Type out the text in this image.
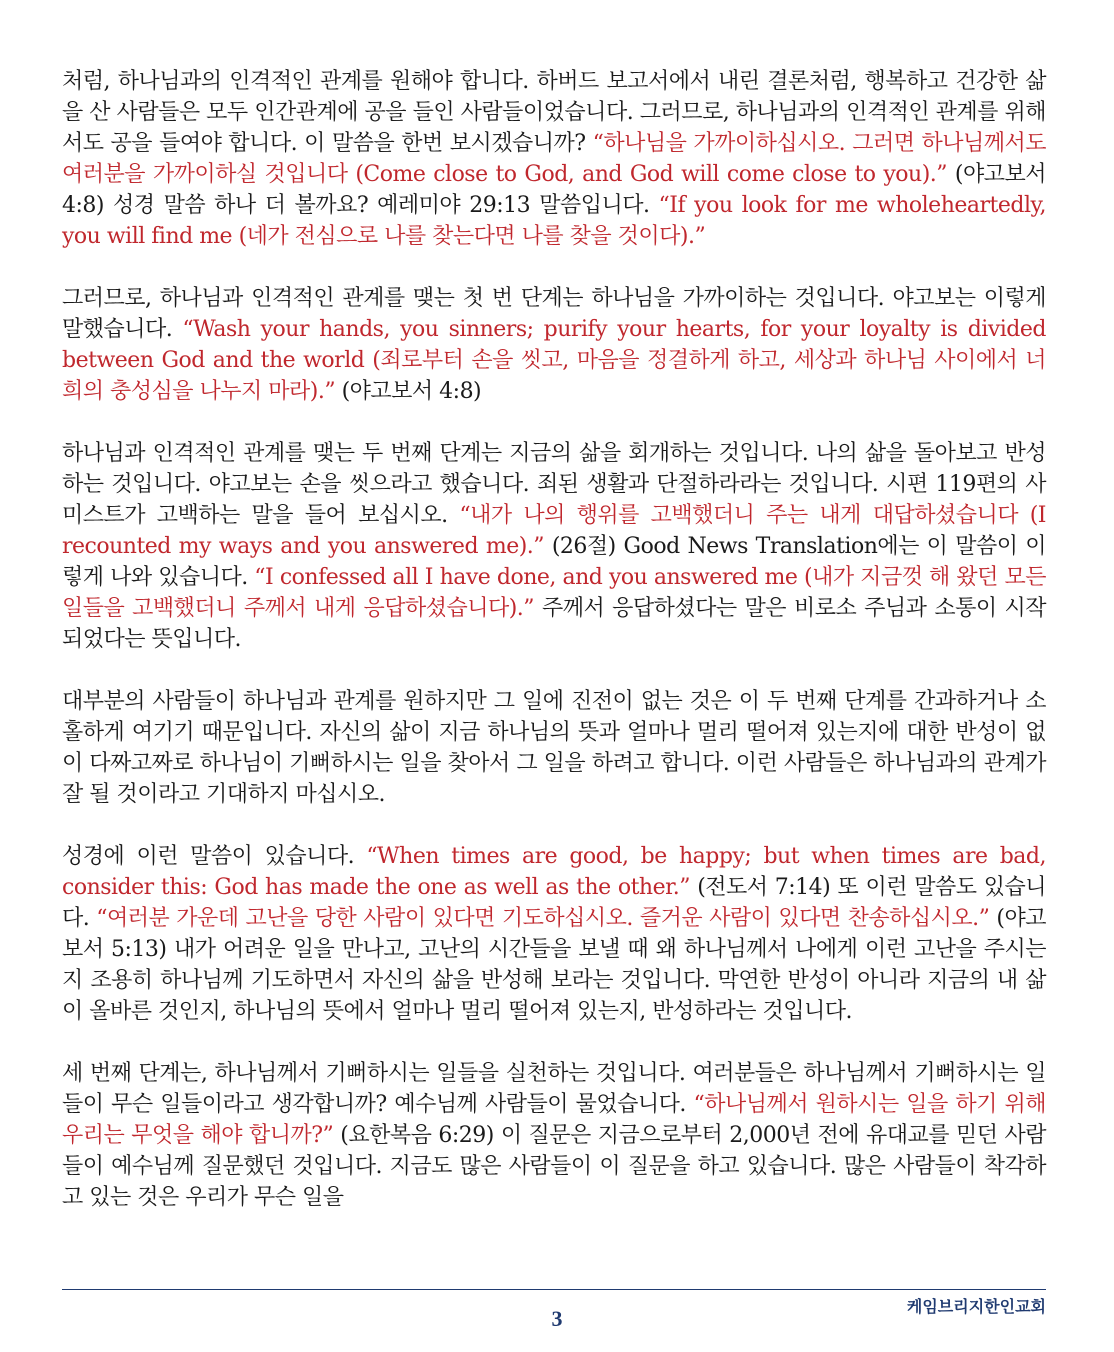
처럼, 하나님과의 인격적인 관계를 원해야 합니다. 하버드 보고서에서 내린 결론처럼, 행복하고 건강한 삶을 산 사람들은 모두 인간관계에 공을 들인 사람들이었습니다. 그러므로, 하나님과의 인격적인 관계를 위해서도 공을 들여야 합니다. 이 말씀을 한번 보시겠습니까? “하나님을 가까이하십시오. 그러면 하나님께서도 여러분을 가까이하실 것입니다 (Come close to God, and God will come close to you).” (야고보서 4:8) 성경 말씀 하나 더 볼까요? 예레미야 29:13 말씀입니다. “If you look for me wholeheartedly, you will find me (네가 전심으로 나를 찾는다면 나를 찾을 것이다).”

그러므로, 하나님과 인격적인 관계를 맺는 첫 번 단계는 하나님을 가까이하는 것입니다. 야고보는 이렇게 말했습니다. “Wash your hands, you sinners; purify your hearts, for your loyalty is divided between God and the world (죄로부터 손을 씻고, 마음을 정결하게 하고, 세상과 하나님 사이에서 너희의 충성심을 나누지 마라).” (야고보서 4:8)

하나님과 인격적인 관계를 맺는 두 번째 단계는 지금의 삶을 회개하는 것입니다. 나의 삶을 돌아보고 반성하는 것입니다. 야고보는 손을 씻으라고 했습니다. 죄된 생활과 단절하라라는 것입니다. 시편 119편의 사미스트가 고백하는 말을 들어 보십시오. “내가 나의 행위를 고백했더니 주는 내게 대답하셨습니다 (I recounted my ways and you answered me).” (26절) Good News Translation에는 이 말씀이 이렇게 나와 있습니다. “I confessed all I have done, and you answered me (내가 지금껏 해 왔던 모든 일들을 고백했더니 주께서 내게 응답하셨습니다).” 주께서 응답하셨다는 말은 비로소 주님과 소통이 시작되었다는 뜻입니다.

대부분의 사람들이 하나님과 관계를 원하지만 그 일에 진전이 없는 것은 이 두 번째 단계를 간과하거나 소홀하게 여기기 때문입니다. 자신의 삶이 지금 하나님의 뜻과 얼마나 멀리 떨어져 있는지에 대한 반성이 없이 다짜고짜로 하나님이 기뻐하시는 일을 찾아서 그 일을 하려고 합니다. 이런 사람들은 하나님과의 관계가 잘 될 것이라고 기대하지 마십시오.

성경에 이런 말씀이 있습니다. “When times are good, be happy; but when times are bad, consider this: God has made the one as well as the other.” (전도서 7:14) 또 이런 말씀도 있습니다. “여러분 가운데 고난을 당한 사람이 있다면 기도하십시오. 즐거운 사람이 있다면 찬송하십시오.” (야고보서 5:13) 내가 어려운 일을 만나고, 고난의 시간들을 보낼 때 왜 하나님께서 나에게 이런 고난을 주시는지 조용히 하나님께 기도하면서 자신의 삶을 반성해 보라는 것입니다. 막연한 반성이 아니라 지금의 내 삶이 올바른 것인지, 하나님의 뜻에서 얼마나 멀리 떨어져 있는지, 반성하라는 것입니다.

세 번째 단계는, 하나님께서 기뻐하시는 일들을 실천하는 것입니다. 여러분들은 하나님께서 기뻐하시는 일들이 무슨 일들이라고 생각합니까? 예수님께 사람들이 물었습니다. “하나님께서 원하시는 일을 하기 위해 우리는 무엇을 해야 합니까?” (요한복음 6:29) 이 질문은 지금으로부터 2,000년 전에 유대교를 믿던 사람들이 예수님께 질문했던 것입니다. 지금도 많은 사람들이 이 질문을 하고 있습니다. 많은 사람들이 착각하고 있는 것은 우리가 무슨 일을

케임브리지한인교회
3
